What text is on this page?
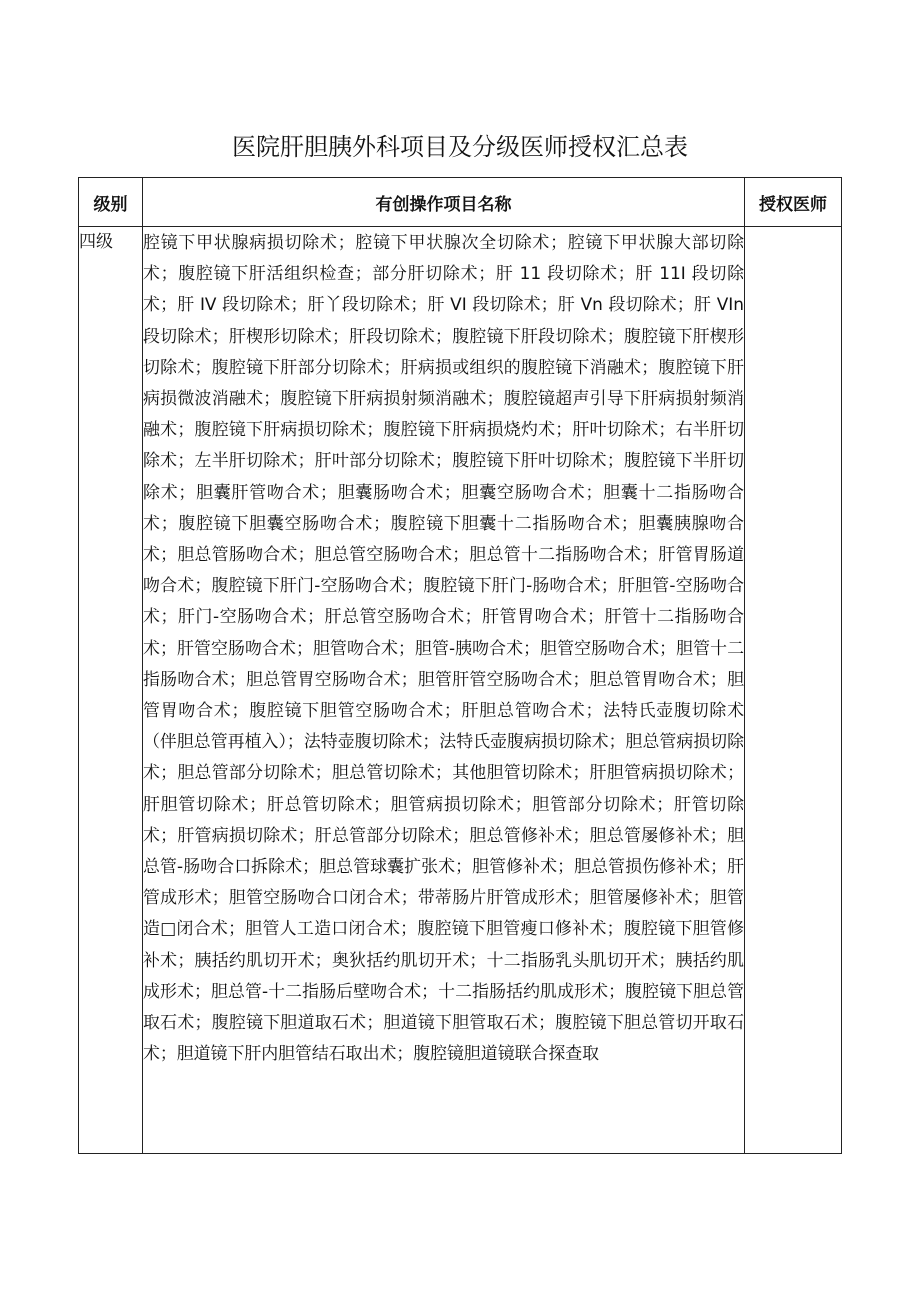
医院肝胆胰外科项目及分级医师授权汇总表
级别	有创操作项目名称	授权医师
四级	腔镜下甲状腺病损切除术；腔镜下甲状腺次全切除术；腔镜下甲状腺大部切除术；腹腔镜下肝活组织检查；部分肝切除术；肝 11 段切除术；肝 11I 段切除术；肝 IV 段切除术；肝丫段切除术；肝 VI 段切除术；肝 Vn 段切除术；肝 VIn 段切除术；肝楔形切除术；肝段切除术；腹腔镜下肝段切除术；腹腔镜下肝楔形切除术；腹腔镜下肝部分切除术；肝病损或组织的腹腔镜下消融术；腹腔镜下肝病损微波消融术；腹腔镜下肝病损射频消融术；腹腔镜超声引导下肝病损射频消融术；腹腔镜下肝病损切除术；腹腔镜下肝病损烧灼术；肝叶切除术；右半肝切除术；左半肝切除术；肝叶部分切除术；腹腔镜下肝叶切除术；腹腔镜下半肝切除术；胆囊肝管吻合术；胆囊肠吻合术；胆囊空肠吻合术；胆囊十二指肠吻合术；腹腔镜下胆囊空肠吻合术；腹腔镜下胆囊十二指肠吻合术；胆囊胰腺吻合术；胆总管肠吻合术；胆总管空肠吻合术；胆总管十二指肠吻合术；肝管胃肠道吻合术；腹腔镜下肝门-空肠吻合术；腹腔镜下肝门-肠吻合术；肝胆管-空肠吻合术；肝门-空肠吻合术；肝总管空肠吻合术；肝管胃吻合术；肝管十二指肠吻合术；肝管空肠吻合术；胆管吻合术；胆管-胰吻合术；胆管空肠吻合术；胆管十二指肠吻合术；胆总管胃空肠吻合术；胆管肝管空肠吻合术；胆总管胃吻合术；胆管胃吻合术；腹腔镜下胆管空肠吻合术；肝胆总管吻合术；法特氏壶腹切除术（伴胆总管再植入）；法特壶腹切除术；法特氏壶腹病损切除术；胆总管病损切除术；胆总管部分切除术；胆总管切除术；其他胆管切除术；肝胆管病损切除术；肝胆管切除术；肝总管切除术；胆管病损切除术；胆管部分切除术；肝管切除术；肝管病损切除术；肝总管部分切除术；胆总管修补术；胆总管屡修补术；胆总管-肠吻合口拆除术；胆总管球囊扩张术；胆管修补术；胆总管损伤修补术；肝管成形术；胆管空肠吻合口闭合术；带蒂肠片肝管成形术；胆管屡修补术；胆管造□闭合术；胆管人工造口闭合术；腹腔镜下胆管瘦口修补术；腹腔镜下胆管修补术；胰括约肌切开术；奥狄括约肌切开术；十二指肠乳头肌切开术；胰括约肌成形术；胆总管-十二指肠后壁吻合术；十二指肠括约肌成形术；腹腔镜下胆总管取石术；腹腔镜下胆道取石术；胆道镜下胆管取石术；腹腔镜下胆总管切开取石术；胆道镜下肝内胆管结石取出术；腹腔镜胆道镜联合探查取	
